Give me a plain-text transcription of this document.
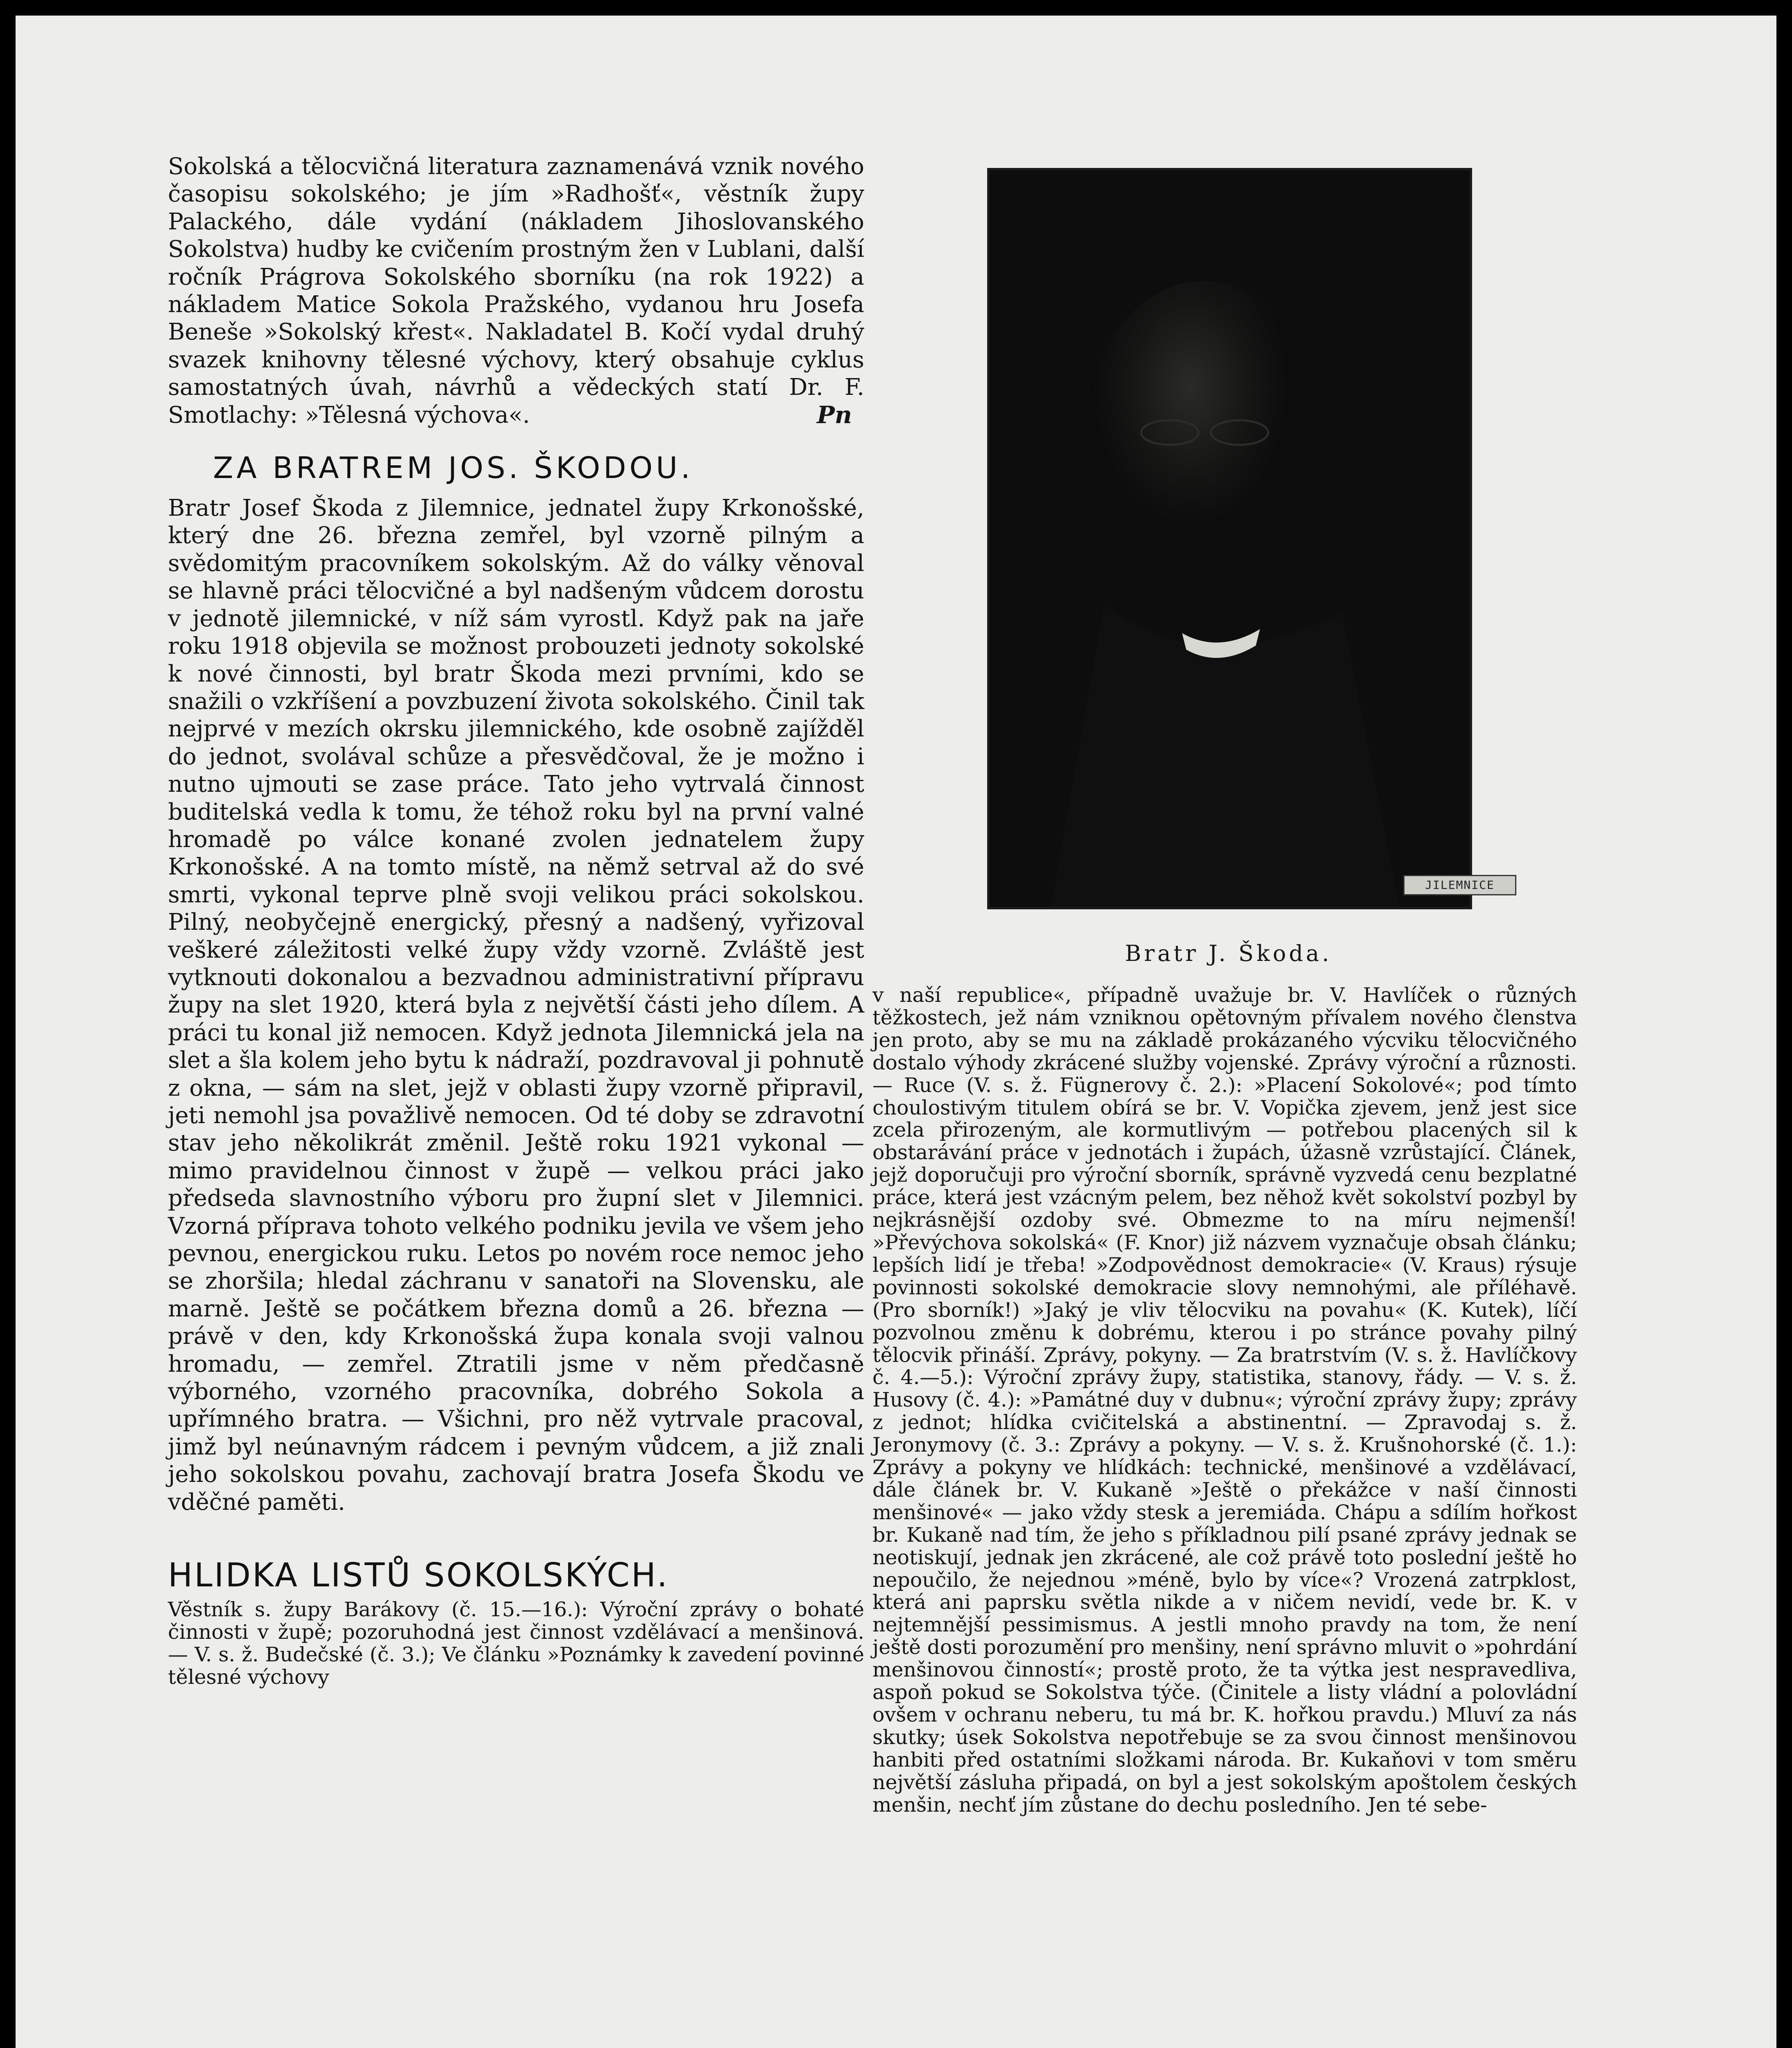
Sokolská a tělocvičná literatura zaznamenává vznik nového časopisu sokolského; je jím »Radhošť«, věstník župy Palackého, dále vydání (nákladem Jihoslovanského Sokolstva) hudby ke cvičením prostným žen v Lublani, další ročník Prágrova Sokolského sborníku (na rok 1922) a nákladem Matice Sokola Pražského, vydanou hru Josefa Beneše »Sokolský křest«. Nakladatel B. Kočí vydal druhý svazek knihovny tělesné výchovy, který obsahuje cyklus samostatných úvah, návrhů a vědeckých statí Dr. F. Smotlachy: »Tělesná výchova«.	Pn
ZA BRATREM JOS. ŠKODOU.

Bratr Josef Škoda z Jilemnice, jednatel župy Krkonošské, který dne 26. března zemřel, byl vzorně pilným a svědomitým pracovníkem sokolským. Až do války věnoval se hlavně práci tělocvičné a byl nadšeným vůdcem dorostu v jednotě jilemnické, v níž sám vyrostl. Když pak na jaře roku 1918 objevila se možnost probouzeti jednoty sokolské k nové činnosti, byl bratr Škoda mezi prvními, kdo se snažili o vzkříšení a povzbuzení života sokolského. Činil tak nejprvé v mezích okrsku jilemnického, kde osobně zajížděl do jednot, svolával schůze a přesvědčoval, že je možno i nutno ujmouti se zase práce. Tato jeho vytrvalá činnost buditelská vedla k tomu, že téhož roku byl na první valné hromadě po válce konané zvolen jednatelem župy Krkonošské. A na tomto místě, na němž setrval až do své smrti, vykonal teprve plně svoji velikou práci sokolskou. Pilný, neobyčejně energický, přesný a nadšený, vyřizoval veškeré záležitosti velké župy vždy vzorně. Zvláště jest vytknouti dokonalou a bezvadnou administrativní přípravu župy na slet 1920, která byla z největší části jeho dílem. A práci tu konal již nemocen. Když jednota Jilemnická jela na slet a šla kolem jeho bytu k nádraží, pozdravoval ji pohnutě z okna, — sám na slet, jejž v oblasti župy vzorně připravil, jeti nemohl jsa považlivě nemocen. Od té doby se zdravotní stav jeho několikrát změnil. Ještě roku 1921 vykonal — mimo pravidelnou činnost v župě — velkou práci jako předseda slavnostního výboru pro župní slet v Jilemnici. Vzorná příprava tohoto velkého podniku jevila ve všem jeho pevnou, energickou ruku. Letos po novém roce nemoc jeho se zhoršila; hledal záchranu v sanatoři na Slovensku, ale marně. Ještě se počátkem března domů a 26. března — právě v den, kdy Krkonošská župa konala svoji valnou hromadu, — zemřel. Ztratili jsme v něm předčasně výborného, vzorného pracovníka, dobrého Sokola a upřímného bratra. — Všichni, pro něž vytrvale pracoval, jimž byl neúnavným rádcem i pevným vůdcem, a již znali jeho sokolskou povahu, zachovají bratra Josefa Škodu ve vděčné paměti.

HLIDKA LISTŮ SOKOLSKÝCH.

Věstník s. župy Barákovy (č. 15.—16.): Výroční zprávy o bohaté činnosti v župě; pozoruhodná jest činnost vzdělávací a menšinová. — V. s. ž. Budečské (č. 3.); Ve článku »Poznámky k zavedení povinné tělesné výchovy

JILEMNICE
Bratr J. Škoda.

v naší republice«, případně uvažuje br. V. Havlíček o různých těžkostech, jež nám vzniknou opětovným přívalem nového členstva jen proto, aby se mu na základě prokázaného výcviku tělocvičného dostalo výhody zkrácené služby vojenské. Zprávy výroční a různosti. — Ruce (V. s. ž. Fügnerovy č. 2.): »Placení Sokolové«; pod tímto choulostivým titulem obírá se br. V. Vopička zjevem, jenž jest sice zcela přirozeným, ale kormutlivým — potřebou placených sil k obstarávání práce v jednotách i župách, úžasně vzrůstající. Článek, jejž doporučuji pro výroční sborník, správně vyzvedá cenu bezplatné práce, která jest vzácným pelem, bez něhož květ sokolství pozbyl by nejkrásnější ozdoby své. Obmezme to na míru nejmenší! »Převýchova sokolská« (F. Knor) již názvem vyznačuje obsah článku; lepších lidí je třeba! »Zodpovědnost demokracie« (V. Kraus) rýsuje povinnosti sokolské demokracie slovy nemnohými, ale příléhavě. (Pro sborník!) »Jaký je vliv tělocviku na povahu« (K. Kutek), líčí pozvolnou změnu k dobrému, kterou i po stránce povahy pilný tělocvik přináší. Zprávy, pokyny. — Za bratrstvím (V. s. ž. Havlíčkovy č. 4.—5.): Výroční zprávy župy, statistika, stanovy, řády. — V. s. ž. Husovy (č. 4.): »Památné duy v dubnu«; výroční zprávy župy; zprávy z jednot; hlídka cvičitelská a abstinentní. — Zpravodaj s. ž. Jeronymovy (č. 3.: Zprávy a pokyny. — V. s. ž. Krušnohorské (č. 1.): Zprávy a pokyny ve hlídkách: technické, menšinové a vzdělávací, dále článek br. V. Kukaně »Ještě o překážce v naší činnosti menšinové« — jako vždy stesk a jeremiáda. Chápu a sdílím hořkost br. Kukaně nad tím, že jeho s příkladnou pilí psané zprávy jednak se neotiskují, jednak jen zkrácené, ale což právě toto poslední ještě ho nepoučilo, že nejednou »méně, bylo by více«? Vrozená zatrpklost, která ani paprsku světla nikde a v ničem nevidí, vede br. K. v nejtemnější pessimismus. A jestli mnoho pravdy na tom, že není ještě dosti porozumění pro menšiny, není správno mluvit o »pohrdání menšinovou činností«; prostě proto, že ta výtka jest nespravedliva, aspoň pokud se Sokolstva týče. (Činitele a listy vládní a polovládní ovšem v ochranu neberu, tu má br. K. hořkou pravdu.) Mluví za nás skutky; úsek Sokolstva nepotřebuje se za svou činnost menšinovou hanbiti před ostatními složkami národa. Br. Kukaňovi v tom směru největší zásluha připadá, on byl a jest sokolským apoštolem českých menšin, nechť jím zůstane do dechu posledního. Jen té sebe-
